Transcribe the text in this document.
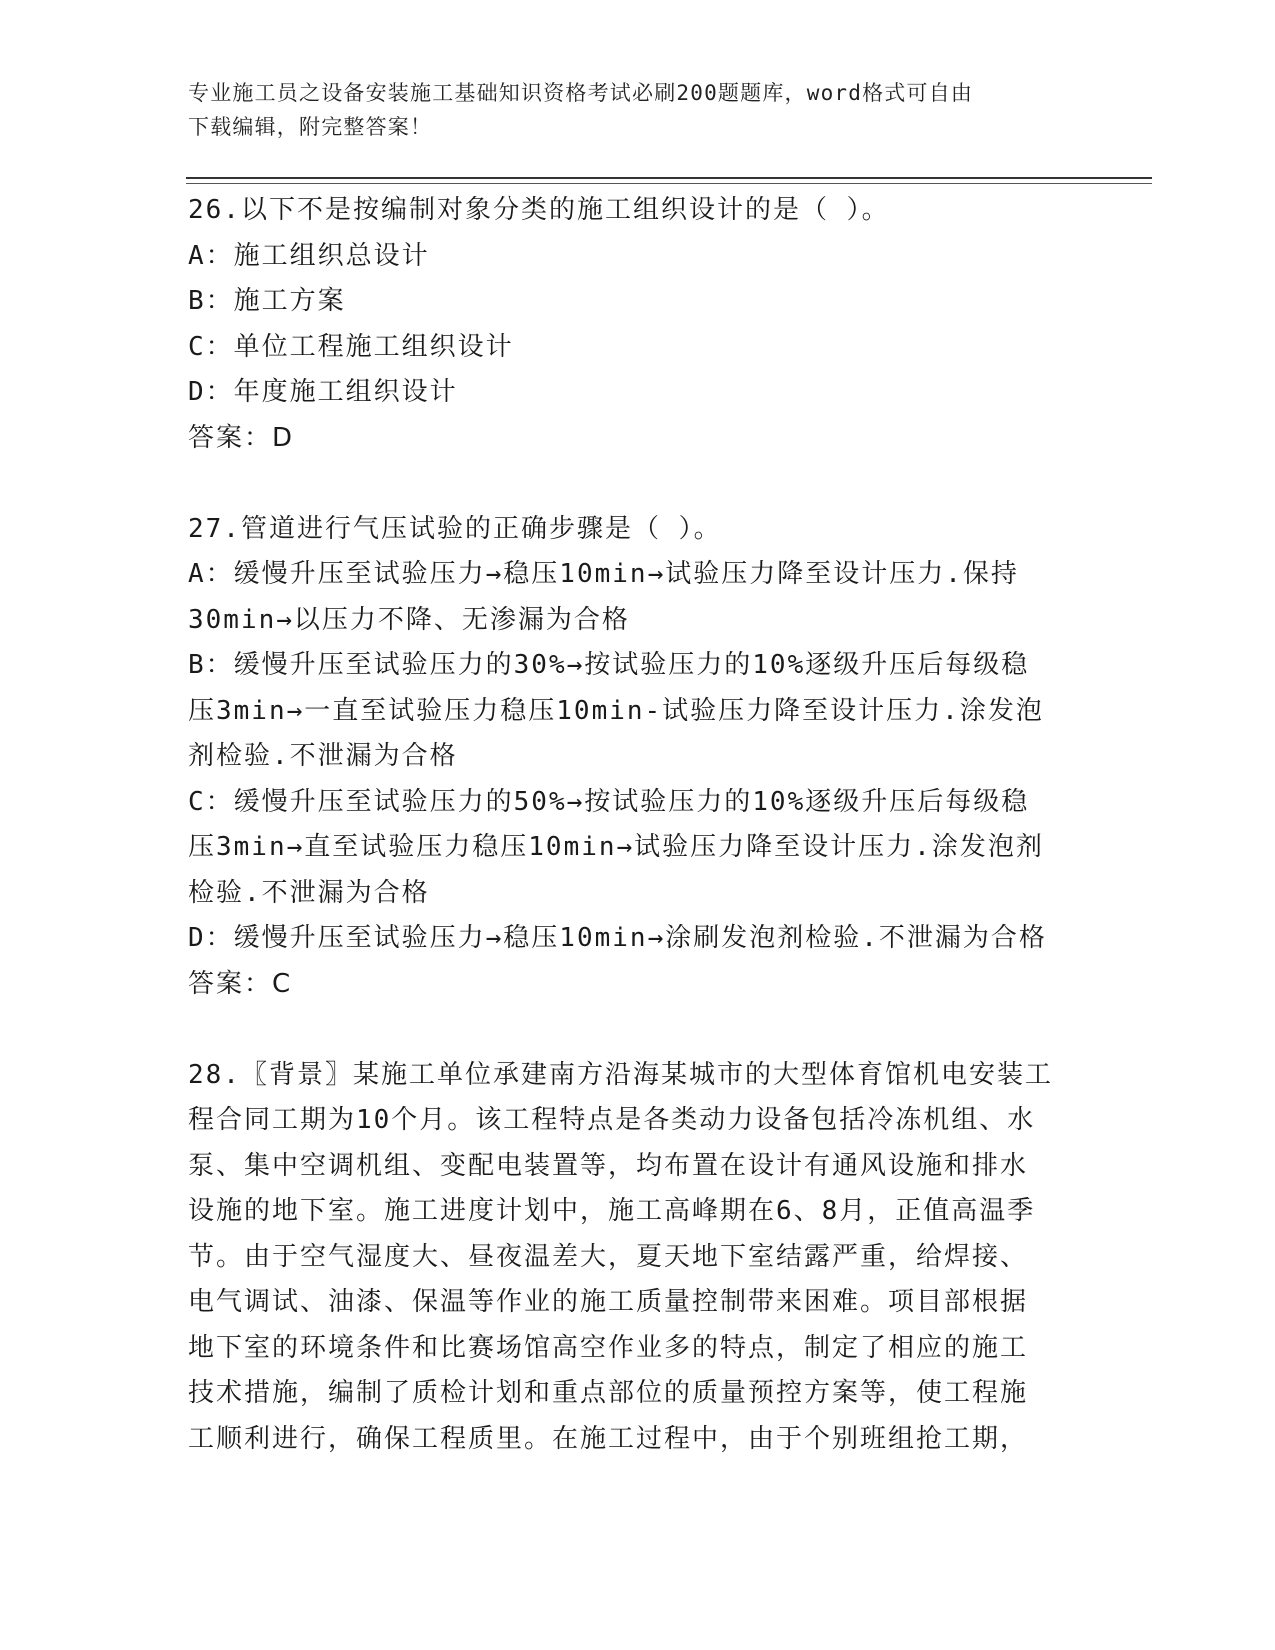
专业施工员之设备安装施工基础知识资格考试必刷200题题库，word格式可自由
下载编辑，附完整答案！
26.以下不是按编制对象分类的施工组织设计的是（ ）。
A：施工组织总设计
B：施工方案
C：单位工程施工组织设计
D：年度施工组织设计
答案：D
27.管道进行气压试验的正确步骤是（ ）。
A：缓慢升压至试验压力→稳压10min→试验压力降至设计压力.保持
30min→以压力不降、无渗漏为合格
B：缓慢升压至试验压力的30%→按试验压力的10%逐级升压后每级稳
压3min→一直至试验压力稳压10min-试验压力降至设计压力.涂发泡
剂检验.不泄漏为合格
C：缓慢升压至试验压力的50%→按试验压力的10%逐级升压后每级稳
压3min→直至试验压力稳压10min→试验压力降至设计压力.涂发泡剂
检验.不泄漏为合格
D：缓慢升压至试验压力→稳压10min→涂刷发泡剂检验.不泄漏为合格
答案：C
28.〖背景〗某施工单位承建南方沿海某城市的大型体育馆机电安装工
程合同工期为10个月。该工程特点是各类动力设备包括冷冻机组、水
泵、集中空调机组、变配电装置等，均布置在设计有通风设施和排水
设施的地下室。施工进度计划中，施工高峰期在6、8月，正值高温季
节。由于空气湿度大、昼夜温差大，夏天地下室结露严重，给焊接、
电气调试、油漆、保温等作业的施工质量控制带来困难。项目部根据
地下室的环境条件和比赛场馆高空作业多的特点，制定了相应的施工
技术措施，编制了质检计划和重点部位的质量预控方案等，使工程施
工顺利进行，确保工程质里。在施工过程中，由于个别班组抢工期，
